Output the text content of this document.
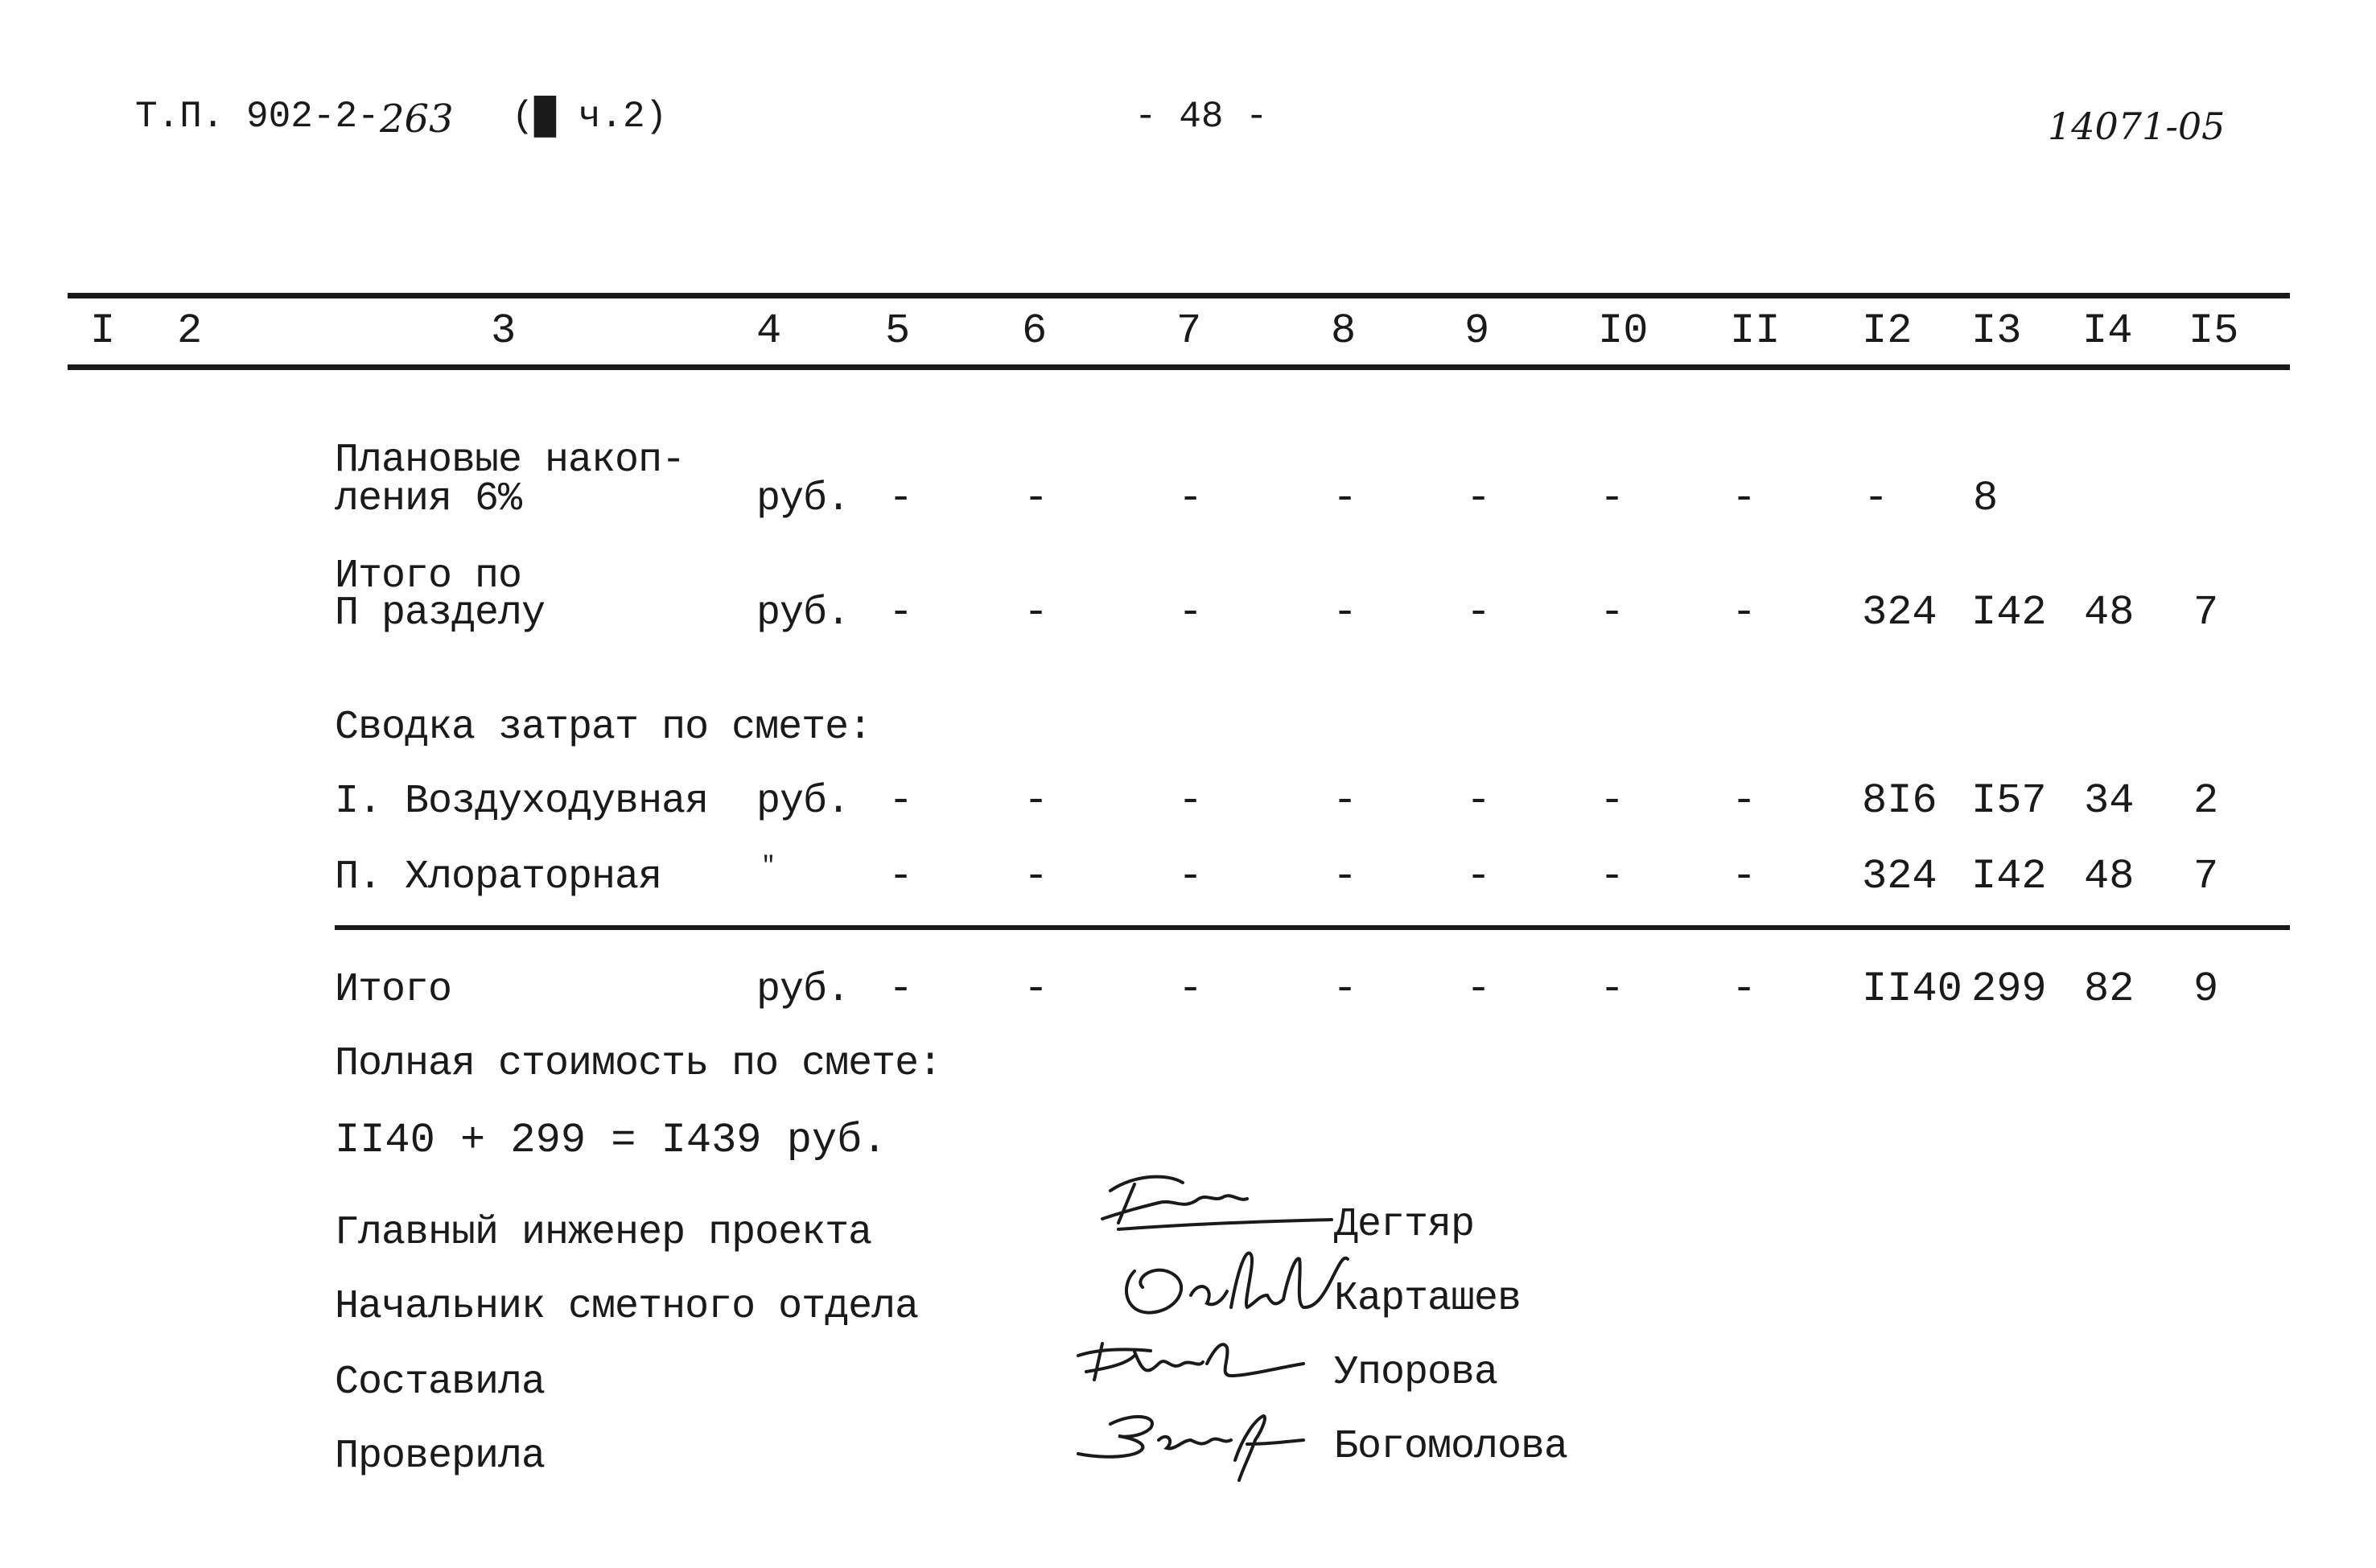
Т.П. 902-2- 263 (█ ч.2)	- 48 -	14071-05
I 2	3	4 5	6	7	8	9	I0 II I2 I3 I4 I5
Плановые накоп-
ления 6%	руб. -	-	-	-	-	-	-	- 8
Итого по
П разделу	руб. -	-	-	-	-	-	-	324 I42 48 7
Сводка затрат по смете:
I. Воздуходувная руб. -	-	-	-	-	-	-	8I6 I57 34 2
П. Хлораторная	"	-	-	-	-	-	-	-	324 I42 48 7
Итого	руб. -	-	-	-	-	-	-	II40 299 82 9
Полная стоимость по смете:
II40 + 299 = I439 руб.
Главный инженер проекта	Дегтяр
Начальник сметного отдела	Карташев
Составила	Упорова
Проверила	Богомолова
